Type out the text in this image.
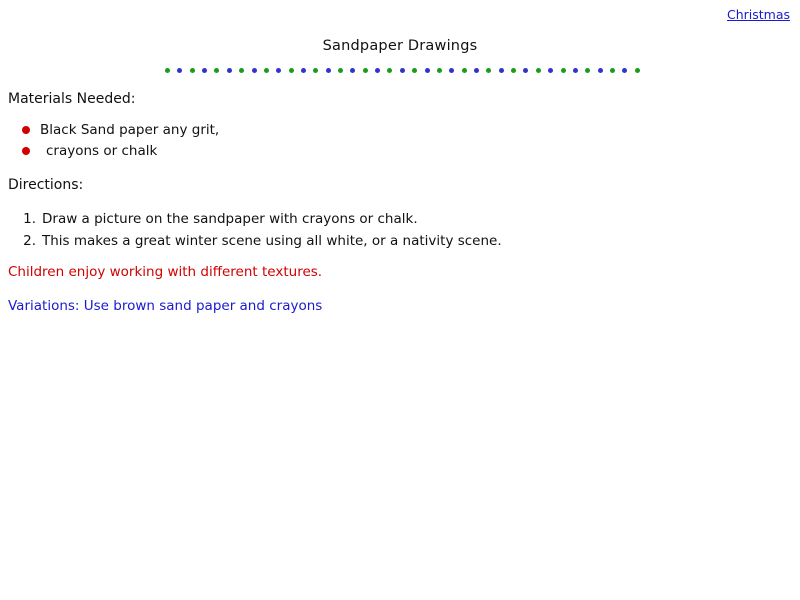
Christmas
Sandpaper Drawings
Materials Needed:
Black Sand paper any grit,
crayons or chalk
Directions:
1. Draw a picture on the sandpaper with crayons or chalk.
2. This makes a great winter scene using all white, or a nativity scene.
Children enjoy working with different textures.
Variations: Use brown sand paper and crayons
